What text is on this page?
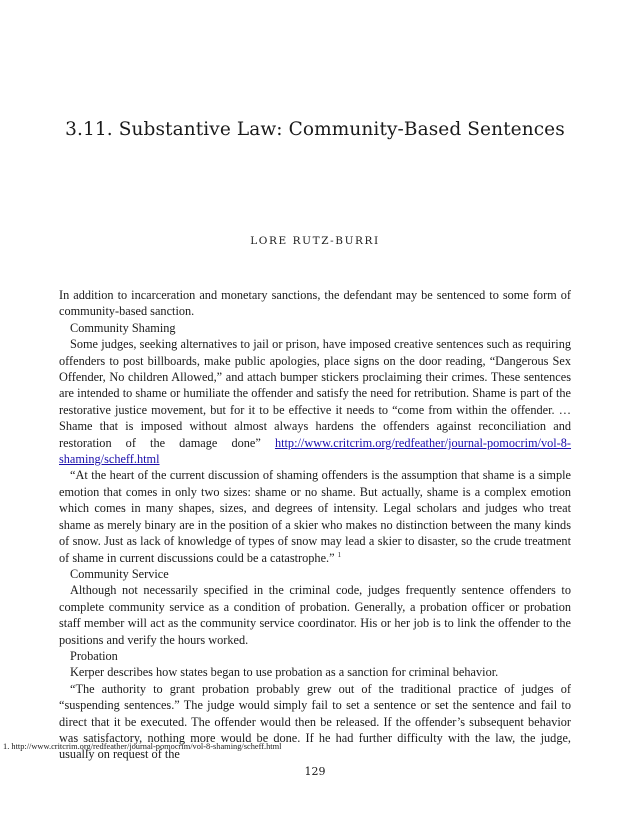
3.11. Substantive Law: Community-Based Sentences
LORE RUTZ-BURRI

In addition to incarceration and monetary sanctions, the defendant may be sentenced to some form of community-based sanction.

Community Shaming

Some judges, seeking alternatives to jail or prison, have imposed creative sentences such as requiring offenders to post billboards, make public apologies, place signs on the door reading, “Dangerous Sex Offender, No children Allowed,” and attach bumper stickers proclaiming their crimes. These sentences are intended to shame or humiliate the offender and satisfy the need for retribution. Shame is part of the restorative justice movement, but for it to be effective it needs to “come from within the offender. … Shame that is imposed without almost always hardens the offenders against reconciliation and restoration of the damage done” http://www.critcrim.org/redfeather/journal-pomocrim/vol-8-shaming/scheff.html

“At the heart of the current discussion of shaming offenders is the assumption that shame is a simple emotion that comes in only two sizes: shame or no shame. But actually, shame is a complex emotion which comes in many shapes, sizes, and degrees of intensity. Legal scholars and judges who treat shame as merely binary are in the position of a skier who makes no distinction between the many kinds of snow. Just as lack of knowledge of types of snow may lead a skier to disaster, so the crude treatment of shame in current discussions could be a catastrophe.” $^1$

Community Service

Although not necessarily specified in the criminal code, judges frequently sentence offenders to complete community service as a condition of probation. Generally, a probation officer or probation staff member will act as the community service coordinator. His or her job is to link the offender to the positions and verify the hours worked.

Probation

Kerper describes how states began to use probation as a sanction for criminal behavior.

“The authority to grant probation probably grew out of the traditional practice of judges of “suspending sentences.” The judge would simply fail to set a sentence or set the sentence and fail to direct that it be executed. The offender would then be released. If the offender’s subsequent behavior was satisfactory, nothing more would be done. If he had further difficulty with the law, the judge, usually on request of the

1. http://www.critcrim.org/redfeather/journal-pomocrim/vol-8-shaming/scheff.html
129
